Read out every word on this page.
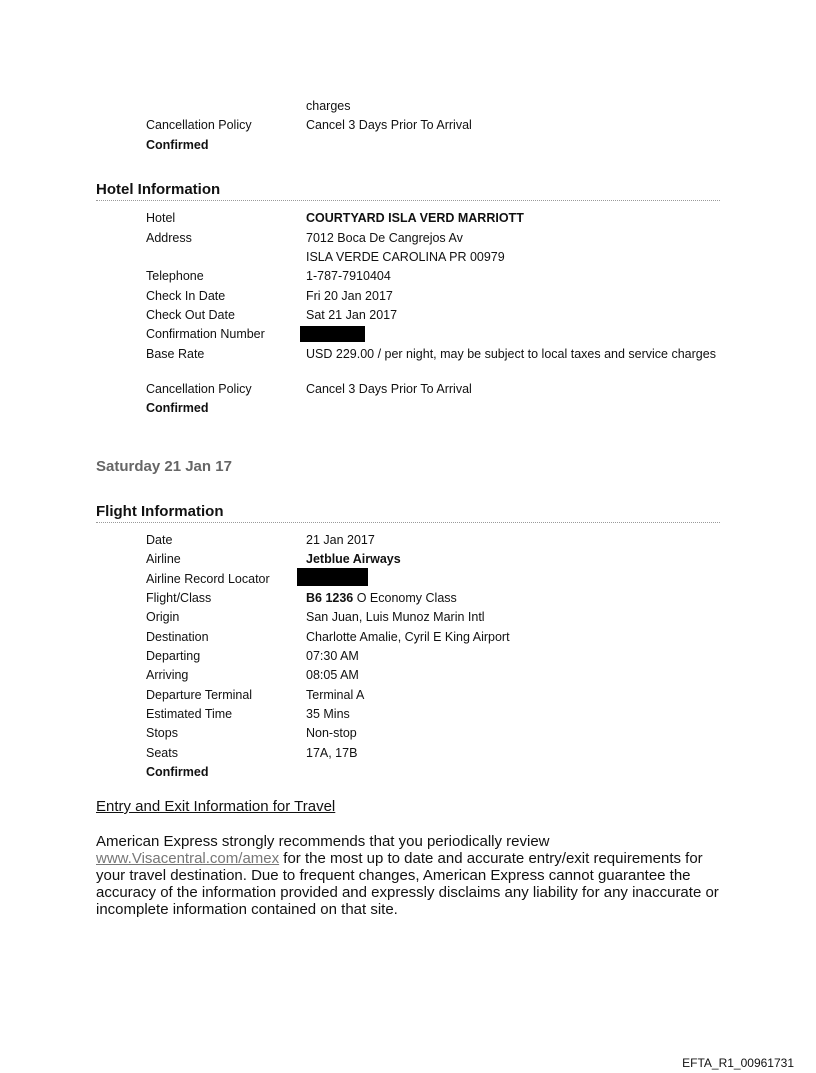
charges
Cancellation Policy	Cancel 3 Days Prior To Arrival
Confirmed
Hotel Information
Hotel	COURTYARD ISLA VERD MARRIOTT
Address	7012 Boca De Cangrejos Av
ISLA VERDE CAROLINA PR 00979
Telephone	1-787-7910404
Check In Date	Fri 20 Jan 2017
Check Out Date	Sat 21 Jan 2017
Confirmation Number
Base Rate	USD 229.00 / per night, may be subject to local taxes and service charges
Cancellation Policy	Cancel 3 Days Prior To Arrival
Confirmed
Saturday 21 Jan 17
Flight Information
Date	21 Jan 2017
Airline	Jetblue Airways
Airline Record Locator
Flight/Class	B6 1236 O Economy Class
Origin	San Juan, Luis Munoz Marin Intl
Destination	Charlotte Amalie, Cyril E King Airport
Departing	07:30 AM
Arriving	08:05 AM
Departure Terminal	Terminal A
Estimated Time	35 Mins
Stops	Non-stop
Seats	17A, 17B
Confirmed
Entry and Exit Information for Travel
American Express strongly recommends that you periodically review www.Visacentral.com/amex for the most up to date and accurate entry/exit requirements for your travel destination. Due to frequent changes, American Express cannot guarantee the accuracy of the information provided and expressly disclaims any liability for any inaccurate or incomplete information contained on that site.
EFTA_R1_00961731
